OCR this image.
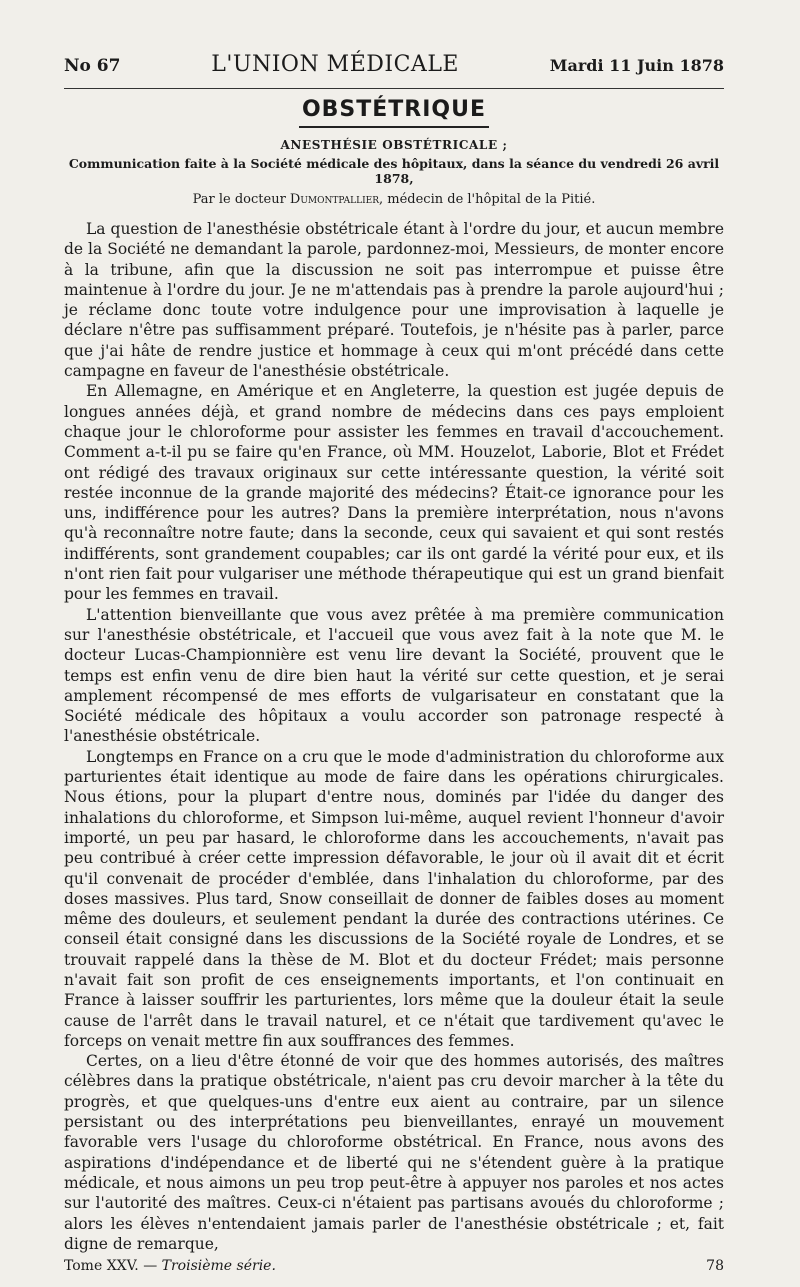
No 67	L'UNION MÉDICALE	Mardi 11 Juin 1878
OBSTÉTRIQUE
ANESTHÉSIE OBSTÉTRICALE ;
Communication faite à la Société médicale des hôpitaux, dans la séance du vendredi 26 avril 1878,
Par le docteur Dumontpallier, médecin de l'hôpital de la Pitié.

La question de l'anesthésie obstétricale étant à l'ordre du jour, et aucun membre de la Société ne demandant la parole, pardonnez-moi, Messieurs, de monter encore à la tribune, afin que la discussion ne soit pas interrompue et puisse être maintenue à l'ordre du jour. Je ne m'attendais pas à prendre la parole aujourd'hui ; je réclame donc toute votre indulgence pour une improvisation à laquelle je déclare n'être pas suffisamment préparé. Toutefois, je n'hésite pas à parler, parce que j'ai hâte de rendre justice et hommage à ceux qui m'ont précédé dans cette campagne en faveur de l'anesthésie obstétricale.

En Allemagne, en Amérique et en Angleterre, la question est jugée depuis de longues années déjà, et grand nombre de médecins dans ces pays emploient chaque jour le chloroforme pour assister les femmes en travail d'accouchement. Comment a-t-il pu se faire qu'en France, où MM. Houzelot, Laborie, Blot et Frédet ont rédigé des travaux originaux sur cette intéressante question, la vérité soit restée inconnue de la grande majorité des médecins? Était-ce ignorance pour les uns, indifférence pour les autres? Dans la première interprétation, nous n'avons qu'à reconnaître notre faute; dans la seconde, ceux qui savaient et qui sont restés indifférents, sont grandement coupables; car ils ont gardé la vérité pour eux, et ils n'ont rien fait pour vulgariser une méthode thérapeutique qui est un grand bienfait pour les femmes en travail.

L'attention bienveillante que vous avez prêtée à ma première communication sur l'anesthésie obstétricale, et l'accueil que vous avez fait à la note que M. le docteur Lucas-Championnière est venu lire devant la Société, prouvent que le temps est enfin venu de dire bien haut la vérité sur cette question, et je serai amplement récompensé de mes efforts de vulgarisateur en constatant que la Société médicale des hôpitaux a voulu accorder son patronage respecté à l'anesthésie obstétricale.

Longtemps en France on a cru que le mode d'administration du chloroforme aux parturientes était identique au mode de faire dans les opérations chirurgicales. Nous étions, pour la plupart d'entre nous, dominés par l'idée du danger des inhalations du chloroforme, et Simpson lui-même, auquel revient l'honneur d'avoir importé, un peu par hasard, le chloroforme dans les accouchements, n'avait pas peu contribué à créer cette impression défavorable, le jour où il avait dit et écrit qu'il convenait de procéder d'emblée, dans l'inhalation du chloroforme, par des doses massives. Plus tard, Snow conseillait de donner de faibles doses au moment même des douleurs, et seulement pendant la durée des contractions utérines. Ce conseil était consigné dans les discussions de la Société royale de Londres, et se trouvait rappelé dans la thèse de M. Blot et du docteur Frédet; mais personne n'avait fait son profit de ces enseignements importants, et l'on continuait en France à laisser souffrir les parturientes, lors même que la douleur était la seule cause de l'arrêt dans le travail naturel, et ce n'était que tardivement qu'avec le forceps on venait mettre fin aux souffrances des femmes.

Certes, on a lieu d'être étonné de voir que des hommes autorisés, des maîtres célèbres dans la pratique obstétricale, n'aient pas cru devoir marcher à la tête du progrès, et que quelques-uns d'entre eux aient au contraire, par un silence persistant ou des interprétations peu bienveillantes, enrayé un mouvement favorable vers l'usage du chloroforme obstétrical. En France, nous avons des aspirations d'indépendance et de liberté qui ne s'étendent guère à la pratique médicale, et nous aimons un peu trop peut-être à appuyer nos paroles et nos actes sur l'autorité des maîtres. Ceux-ci n'étaient pas partisans avoués du chloroforme ; alors les élèves n'entendaient jamais parler de l'anesthésie obstétricale ; et, fait digne de remarque,

Tome XXV. — Troisième série.	78
